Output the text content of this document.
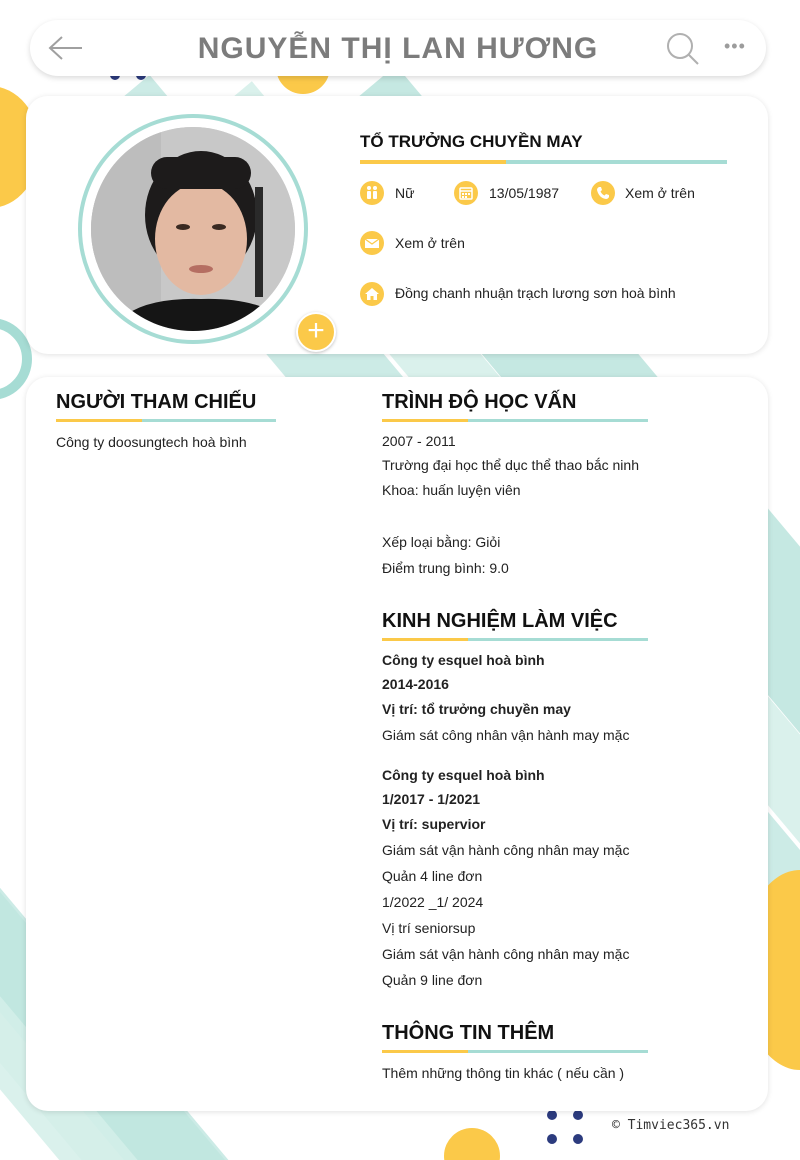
NGUYỄN THỊ LAN HƯƠNG	•••
+
TỔ TRƯỞNG CHUYỀN MAY
Nữ	13/05/1987	Xem ở trên
Xem ở trên
Đồng chanh nhuận trạch lương sơn hoà bình
NGƯỜI THAM CHIẾU
Công ty doosungtech hoà bình
TRÌNH ĐỘ HỌC VẤN
2007 - 2011
Trường đại học thể dục thể thao bắc ninh
Khoa: huấn luyện viên
Xếp loại bằng: Giỏi
Điểm trung bình: 9.0
KINH NGHIỆM LÀM VIỆC
Công ty esquel hoà bình
2014-2016
Vị trí: tổ trưởng chuyền may
Giám sát công nhân vận hành may mặc
Công ty esquel hoà bình
1/2017 - 1/2021
Vị trí: supervior
Giám sát vận hành công nhân may mặc
Quản 4 line đơn
1/2022 _1/ 2024
Vị trí seniorsup
Giám sát vận hành công nhân may mặc
Quản 9 line đơn
THÔNG TIN THÊM
Thêm những thông tin khác ( nếu cần )
© Timviec365.vn
